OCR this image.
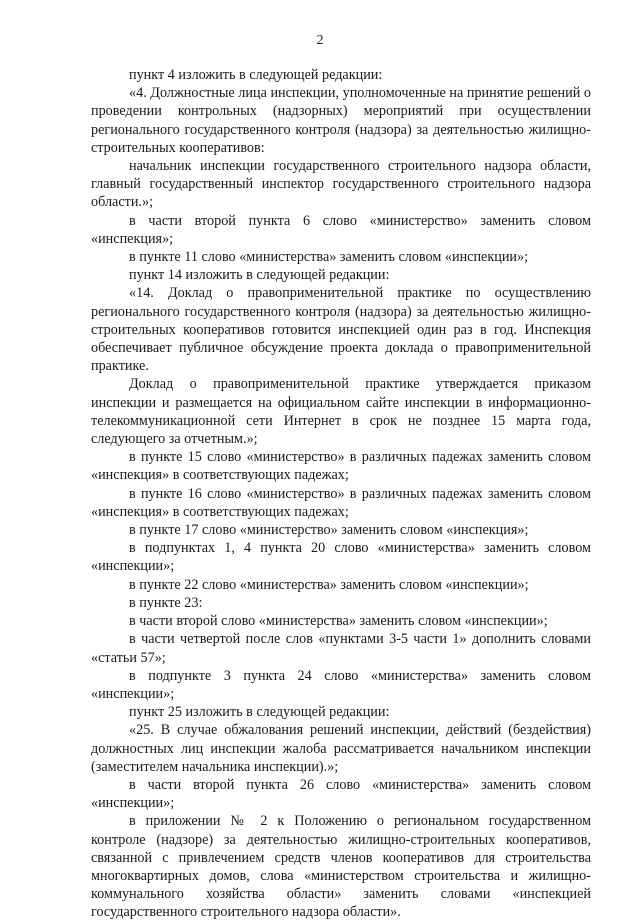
2

пункт 4 изложить в следующей редакции:

«4. Должностные лица инспекции, уполномоченные на принятие решений о проведении контрольных (надзорных) мероприятий при осуществлении регионального государственного контроля (надзора) за деятельностью жилищно-строительных кооперативов:

начальник инспекции государственного строительного надзора области, главный государственный инспектор государственного строительного надзора области.»;

в части второй пункта 6 слово «министерство» заменить словом «инспекция»;

в пункте 11 слово «министерства» заменить словом «инспекции»;

пункт 14 изложить в следующей редакции:

«14. Доклад о правоприменительной практике по осуществлению регионального государственного контроля (надзора) за деятельностью жилищно-строительных кооперативов готовится инспекцией один раз в год. Инспекция обеспечивает публичное обсуждение проекта доклада о правоприменительной практике.

Доклад о правоприменительной практике утверждается приказом инспекции и размещается на официальном сайте инспекции в информационно-телекоммуникационной сети Интернет в срок не позднее 15 марта года, следующего за отчетным.»;

в пункте 15 слово «министерство» в различных падежах заменить словом «инспекция» в соответствующих падежах;

в пункте 16 слово «министерство» в различных падежах заменить словом «инспекция» в соответствующих падежах;

в пункте 17 слово «министерство» заменить словом «инспекция»;

в подпунктах 1, 4 пункта 20 слово «министерства» заменить словом «инспекции»;

в пункте 22 слово «министерства» заменить словом «инспекции»;

в пункте 23:

в части второй слово «министерства» заменить словом «инспекции»;

в части четвертой после слов «пунктами 3-5 части 1» дополнить словами «статьи 57»;

в подпункте 3 пункта 24 слово «министерства» заменить словом «инспекции»;

пункт 25 изложить в следующей редакции:

«25. В случае обжалования решений инспекции, действий (бездействия) должностных лиц инспекции жалоба рассматривается начальником инспекции (заместителем начальника инспекции).»;

в части второй пункта 26 слово «министерства» заменить словом «инспекции»;

в приложении № 2 к Положению о региональном государственном контроле (надзоре) за деятельностью жилищно-строительных кооперативов, связанной с привлечением средств членов кооперативов для строительства многоквартирных домов, слова «министерством строительства и жилищно-коммунального хозяйства области» заменить словами «инспекцией государственного строительного надзора области».
